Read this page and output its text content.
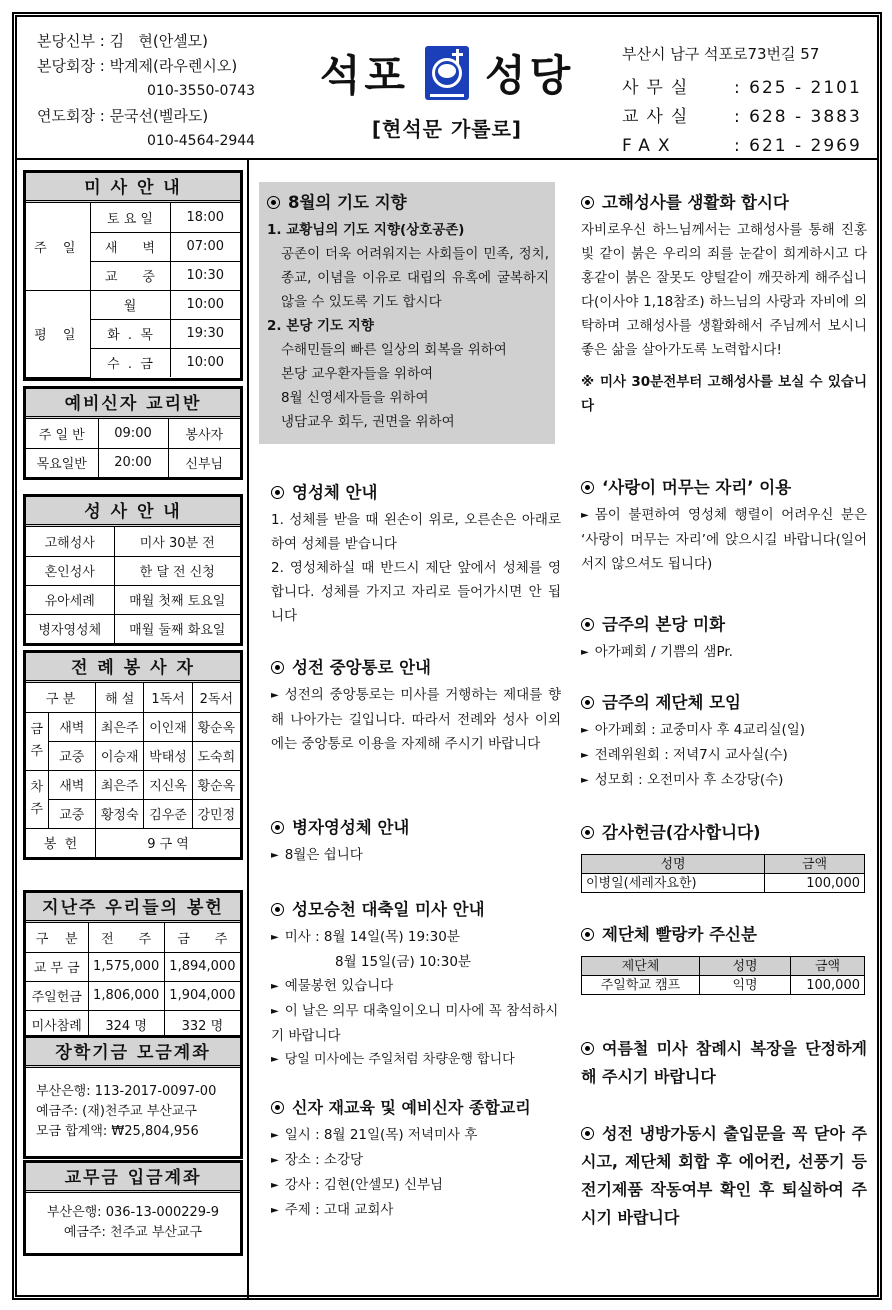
본당신부 : 김   현(안셀모)
본당회장 : 박계제(라우렌시오)
010-3550-0743
연도회장 : 문국선(벨라도)
010-4564-2944
석포 성당
[현석문 가롤로]
부산시 남구 석포로73번길 57
사무실	: 625 - 2101
교사실	: 628 - 3883
FAX	: 621 - 2969
미 사 안 내
주 일	토 요 일	18:00
	새      벽	07:00
	교      중	10:30
평 일	월	10:00
	화  .  목	19:30
	수  .  금	10:00
예비신자 교리반
주 일 반	09:00	봉사자
목요일반	20:00	신부님
성 사 안 내
고해성사	미사 30분 전
혼인성사	한 달 전 신청
유아세례	매월 첫째 토요일
병자영성체	매월 둘째 화요일
전 례 봉 사 자
구 분		해 설	1독서	2독서
금주	새벽	최은주	이인재	황순옥
	교중	이승재	박태성	도숙희
차주	새벽	최은주	지신옥	황순옥
	교중	황정숙	김우준	강민정
봉  헌		9 구 역		
지난주 우리들의 봉헌
구    분	전      주	금      주
교 무 금	1,575,000	1,894,000
주일헌금	1,806,000	1,904,000
미사참례	324 명	332 명
장학기금 모금계좌
부산은행: 113-2017-0097-00
예금주: (재)천주교 부산교구
모금 합계액: ₩25,804,956
교무금 입금계좌
부산은행: 036-13-000229-9
예금주: 천주교 부산교구
8월의 기도 지향
1. 교황님의 기도 지향(상호공존)
공존이 더욱 어려워지는 사회들이 민족, 정치, 종교, 이념을 이유로 대립의 유혹에 굴복하지 않을 수 있도록 기도 합시다
2. 본당 기도 지향
수해민들의 빠른 일상의 회복을 위하여
본당 교우환자들을 위하여
8월 신영세자들을 위하여
냉담교우 회두, 권면을 위하여
영성체 안내
1. 성체를 받을 때 왼손이 위로, 오른손은 아래로 하여 성체를 받습니다
2. 영성체하실 때 반드시 제단 앞에서 성체를 영합니다. 성체를 가지고 자리로 들어가시면 안 됩니다
성전 중앙통로 안내
► 성전의 중앙통로는 미사를 거행하는 제대를 향해 나아가는 길입니다. 따라서 전례와 성사 이외에는 중앙통로 이용을 자제해 주시기 바랍니다
병자영성체 안내
► 8월은 쉽니다
성모승천 대축일 미사 안내
► 미사 : 8월 14일(목) 19:30분
8월 15일(금) 10:30분
► 예물봉헌 있습니다
► 이 날은 의무 대축일이오니 미사에 꼭 참석하시기 바랍니다
► 당일 미사에는 주일처럼 차량운행 합니다
신자 재교육 및 예비신자 종합교리
► 일시 : 8월 21일(목) 저녁미사 후
► 장소 : 소강당
► 강사 : 김현(안셀모) 신부님
► 주제 : 고대 교회사
고해성사를 생활화 합시다
자비로우신 하느님께서는 고해성사를 통해 진홍빛 같이 붉은 우리의 죄를 눈같이 희게하시고 다홍같이 붉은 잘못도 양털같이 깨끗하게 해주십니다(이사야 1,18참조) 하느님의 사랑과 자비에 의탁하며 고해성사를 생활화해서 주님께서 보시니 좋은 삶을 살아가도록 노력합시다!
※ 미사 30분전부터 고해성사를 보실 수 있습니다
‘사랑이 머무는 자리’ 이용
► 몸이 불편하여 영성체 행렬이 어려우신 분은 ‘사랑이 머무는 자리’에 앉으시길 바랍니다(일어서지 않으셔도 됩니다)
금주의 본당 미화
► 아가페회 / 기쁨의 샘Pr.
금주의 제단체 모임
► 아가페회 : 교중미사 후 4교리실(일)
► 전례위원회 : 저녁7시 교사실(수)
► 성모회 : 오전미사 후 소강당(수)
감사헌금(감사합니다)
성명	금액
이병일(세레자요한)	100,000
제단체 빨랑카 주신분
제단체	성명	금액
주일학교 캠프	익명	100,000
여름철 미사 참례시 복장을 단정하게 해 주시기 바랍니다
성전 냉방가동시 출입문을 꼭 닫아 주시고, 제단체 회합 후 에어컨, 선풍기 등 전기제품 작동여부 확인 후 퇴실하여 주시기 바랍니다
